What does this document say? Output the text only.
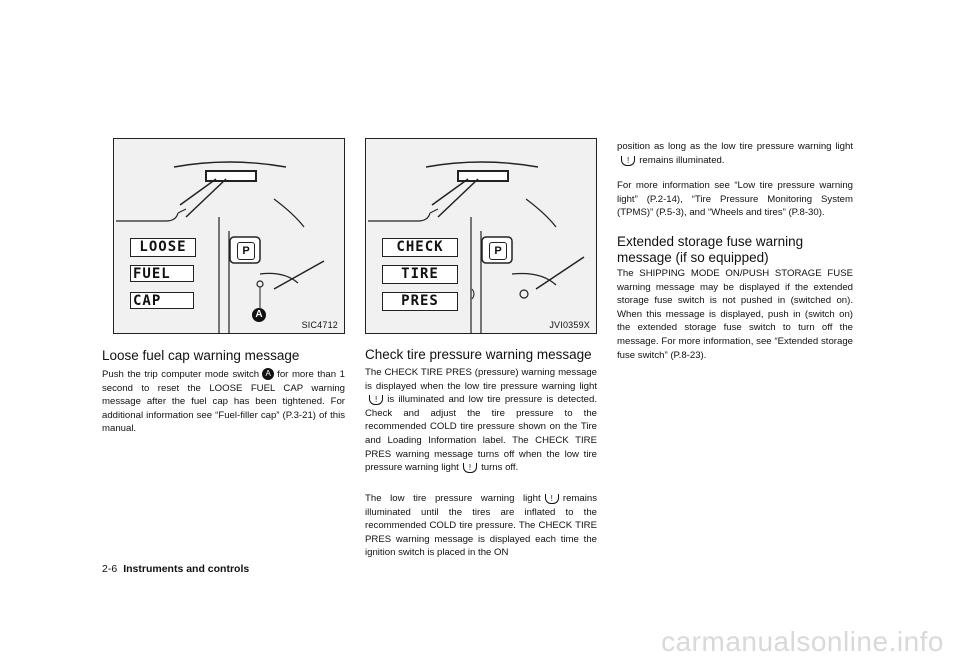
LOOSE
FUEL
CAP
P
A
SIC4712
CHECK
TIRE
PRES
P
JVI0359X
Loose fuel cap warning message

Push the trip computer mode switch A for more than 1 second to reset the LOOSE FUEL CAP warning message after the fuel cap has been tightened. For additional information see “Fuel-filler cap” (P.3-21) of this manual.

Check tire pressure warning message

The CHECK TIRE PRES (pressure) warning message is displayed when the low tire pressure warning light! is illuminated and low tire pressure is detected. Check and adjust the tire pressure to the recommended COLD tire pressure shown on the Tire and Loading Information label. The CHECK TIRE PRES warning message turns off when the low tire pressure warning light ! turns off.

The low tire pressure warning light ! remains illuminated until the tires are inflated to the recommended COLD tire pressure. The CHECK TIRE PRES warning message is displayed each time the ignition switch is placed in the ON

position as long as the low tire pressure warning light! remains illuminated.

For more information see “Low tire pressure warning light” (P.2-14), “Tire Pressure Monitoring System (TPMS)” (P.5-3), and “Wheels and tires” (P.8-30).

Extended storage fuse warning message (if so equipped)

The SHIPPING MODE ON/PUSH STORAGE FUSE warning message may be displayed if the extended storage fuse switch is not pushed in (switched on). When this message is displayed, push in (switch on) the extended storage fuse switch to turn off the message. For more information, see “Extended storage fuse switch” (P.8-23).

2-6 Instruments and controls
carmanualsonline.info
